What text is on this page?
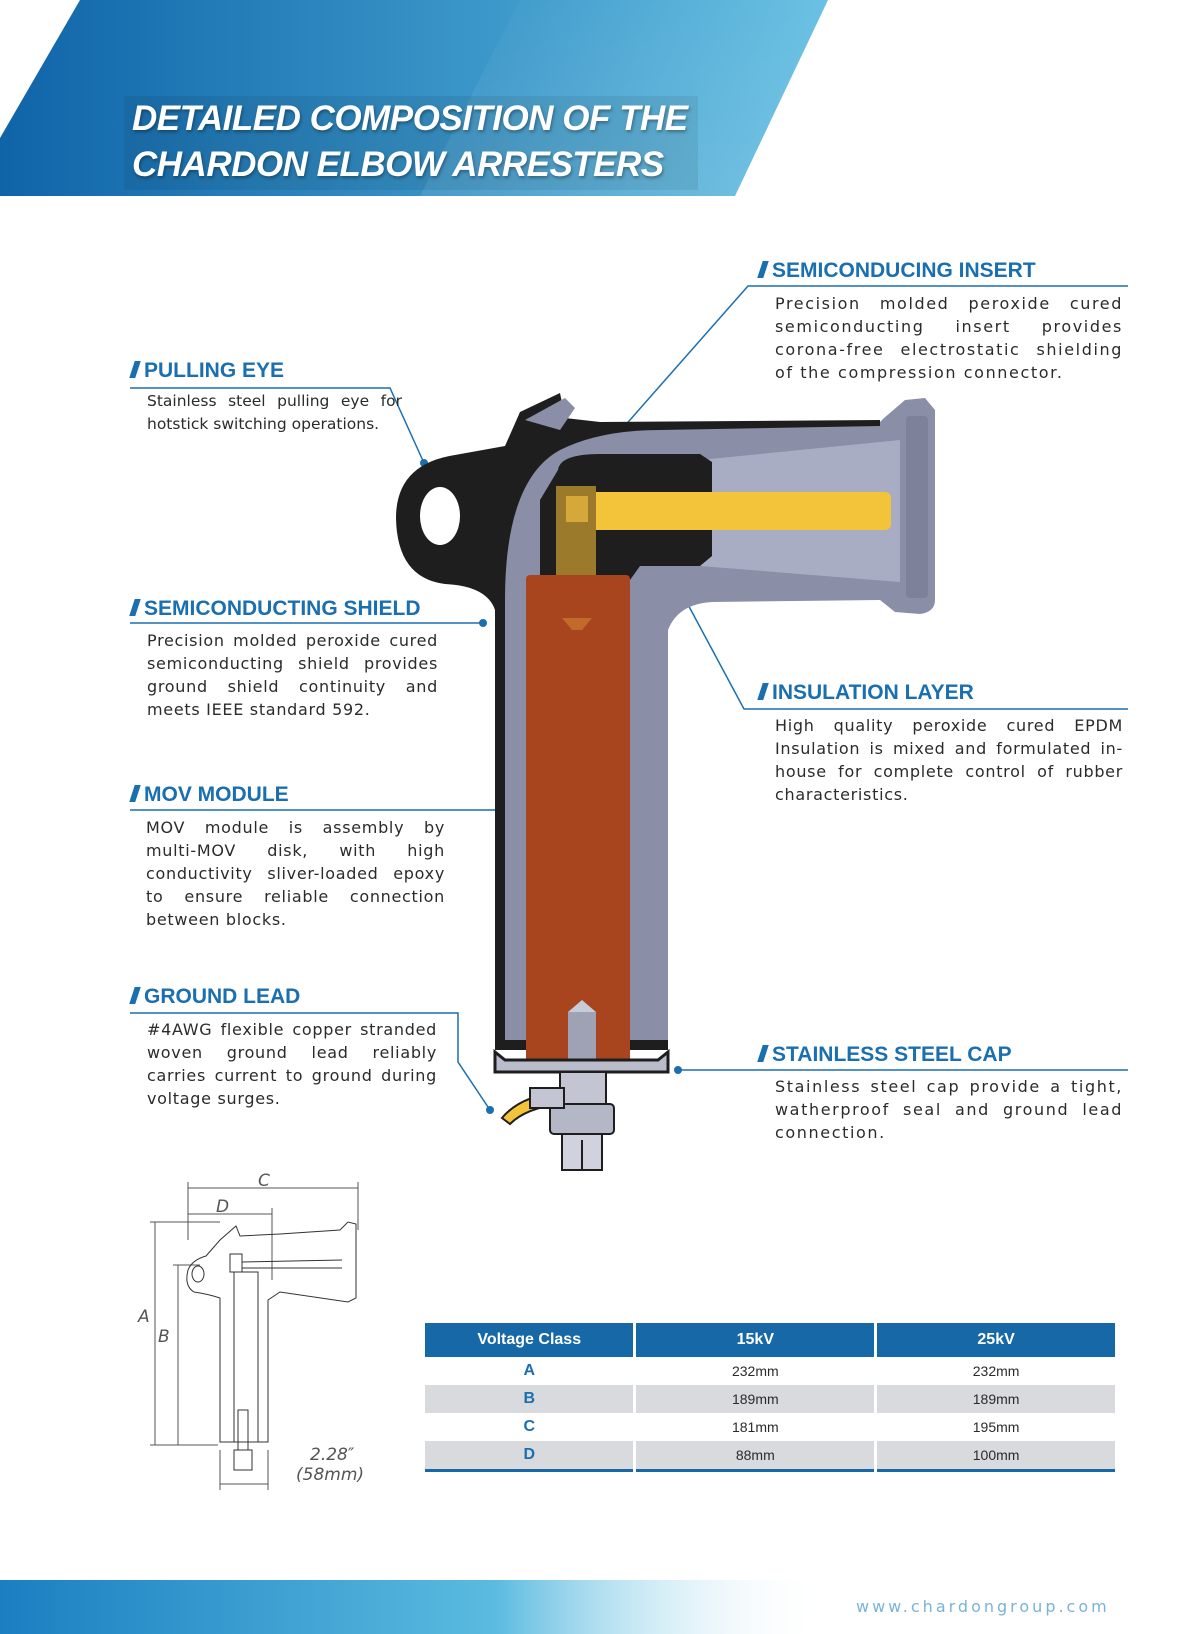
DETAILED COMPOSITION OF THE
CHARDON ELBOW ARRESTERS
SEMICONDUCING INSERT
Precision molded peroxide cured semiconducting insert provides corona-free electrostatic shielding of the compression connector.
PULLING EYE
Stainless steel pulling eye for hotstick switching operations.
SEMICONDUCTING SHIELD
Precision molded peroxide cured semiconducting shield provides ground shield continuity and meets IEEE standard 592.
INSULATION LAYER
High quality peroxide cured EPDM Insulation is mixed and formulated in-house for complete control of rubber characteristics.
MOV MODULE
MOV module is assembly by multi-MOV disk, with high conductivity sliver-loaded epoxy to ensure reliable connection between blocks.
GROUND LEAD
#4AWG flexible copper stranded woven ground lead reliably carries current to ground during voltage surges.
STAINLESS STEEL CAP
Stainless steel cap provide a tight, watherproof seal and ground lead connection.
C
D
A
B
2.28″
(58mm)
Voltage Class	15kV	25kV
A	232mm	232mm
B	189mm	189mm
C	181mm	195mm
D	88mm	100mm
www.chardongroup.com
